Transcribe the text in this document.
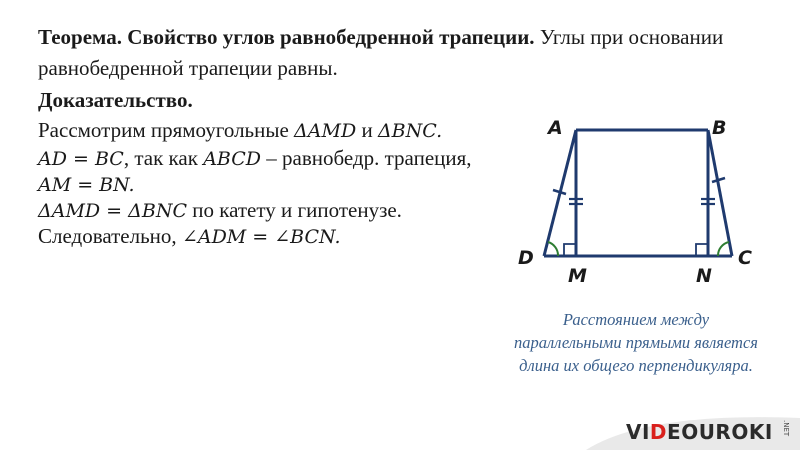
Теорема. Свойство углов равнобедренной трапеции. Углы при основании равнобедренной трапеции равны.
Доказательство.
Рассмотрим прямоугольные ΔAMD и ΔBNC.
AD = BC, так как ABCD – равнобедр. трапеция,
AM = BN.
ΔAMD = ΔBNC по катету и гипотенузе.
Следовательно, ∠ADM = ∠BCN.
A	B
D	C
M	N
Расстоянием между параллельными прямыми является длина их общего перпендикуляра.
VIDEOUROKI .NET
